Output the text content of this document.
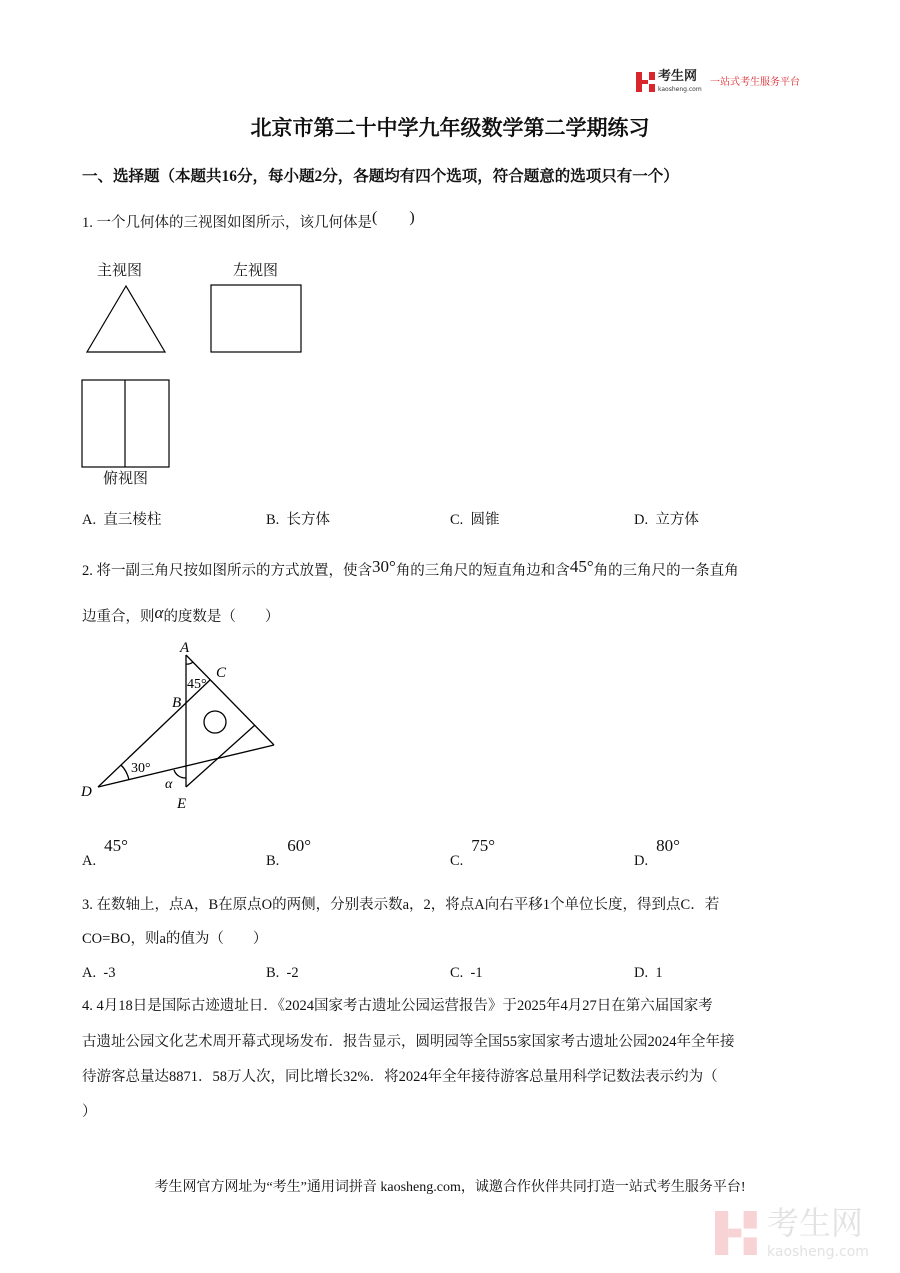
考生网
kaosheng.com
一站式考生服务平台
北京市第二十中学九年级数学第二学期练习
一、选择题（本题共16分，每小题2分，各题均有四个选项，符合题意的选项只有一个）
1. 一个几何体的三视图如图所示，该几何体是(　　)
主视图	左视图
俯视图
A. 直三棱柱	B. 长方体	C. 圆锥	D. 立方体
2. 将一副三角尺按如图所示的方式放置，使含30°角的三角尺的短直角边和含45°角的三角尺的一条直角
边重合，则α的度数是（　　）
A
C
B
D
E
α
45°
30°
A.45°
B.60°
C.75°
D.80°
3. 在数轴上，点A，B在原点O的两侧，分别表示数a，2，将点A向右平移1个单位长度，得到点C．若
CO=BO，则a的值为（　　）
A. -3	B. -2	C. -1	D. 1
4. 4月18日是国际古迹遗址日．《2024国家考古遗址公园运营报告》于2025年4月27日在第六届国家考
古遗址公园文化艺术周开幕式现场发布．报告显示，圆明园等全国55家国家考古遗址公园2024年全年接
待游客总量达8871．58万人次，同比增长32%．将2024年全年接待游客总量用科学记数法表示约为（
）
考生网官方网址为“考生”通用词拼音 kaosheng.com，诚邀合作伙伴共同打造一站式考生服务平台!
考生网
kaosheng.com
